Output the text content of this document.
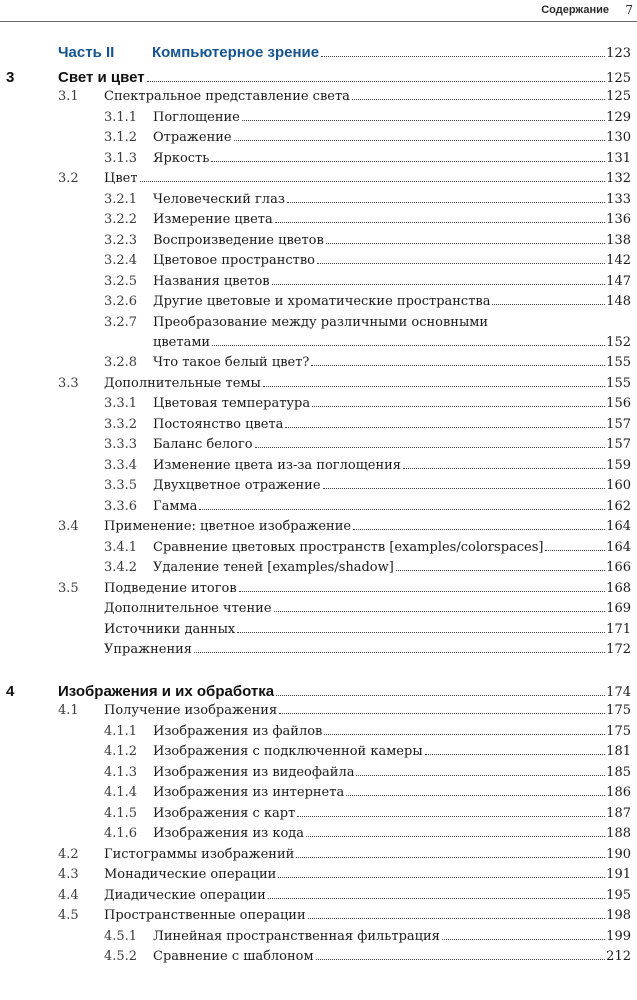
Содержание 7
Часть II	Компьютерное зрение	123
3	Свет и цвет	125
3.1 Спектральное представление света	125
3.1.1 Поглощение	129
3.1.2 Отражение	130
3.1.3 Яркость	131
3.2 Цвет	132
3.2.1 Человеческий глаз	133
3.2.2 Измерение цвета	136
3.2.3 Воспроизведение цветов	138
3.2.4 Цветовое пространство	142
3.2.5 Названия цветов	147
3.2.6 Другие цветовые и хроматические пространства	148
3.2.7 Преобразование между различными основными
цветами	152
3.2.8 Что такое белый цвет?	155
3.3 Дополнительные темы	155
3.3.1 Цветовая температура	156
3.3.2 Постоянство цвета	157
3.3.3 Баланс белого	157
3.3.4 Изменение цвета из-за поглощения	159
3.3.5 Двухцветное отражение	160
3.3.6 Гамма	162
3.4 Применение: цветное изображение	164
3.4.1 Сравнение цветовых пространств [examples/colorspaces]	164
3.4.2 Удаление теней [examples/shadow]	166
3.5 Подведение итогов	168
Дополнительное чтение	169
Источники данных	171
Упражнения	172
4	Изображения и их обработка	174
4.1 Получение изображения	175
4.1.1 Изображения из файлов	175
4.1.2 Изображения с подключенной камеры	181
4.1.3 Изображения из видеофайла	185
4.1.4 Изображения из интернета	186
4.1.5 Изображения с карт	187
4.1.6 Изображения из кода	188
4.2 Гистограммы изображений	190
4.3 Монадические операции	191
4.4 Диадические операции	195
4.5 Пространственные операции	198
4.5.1 Линейная пространственная фильтрация	199
4.5.2 Сравнение с шаблоном	212
